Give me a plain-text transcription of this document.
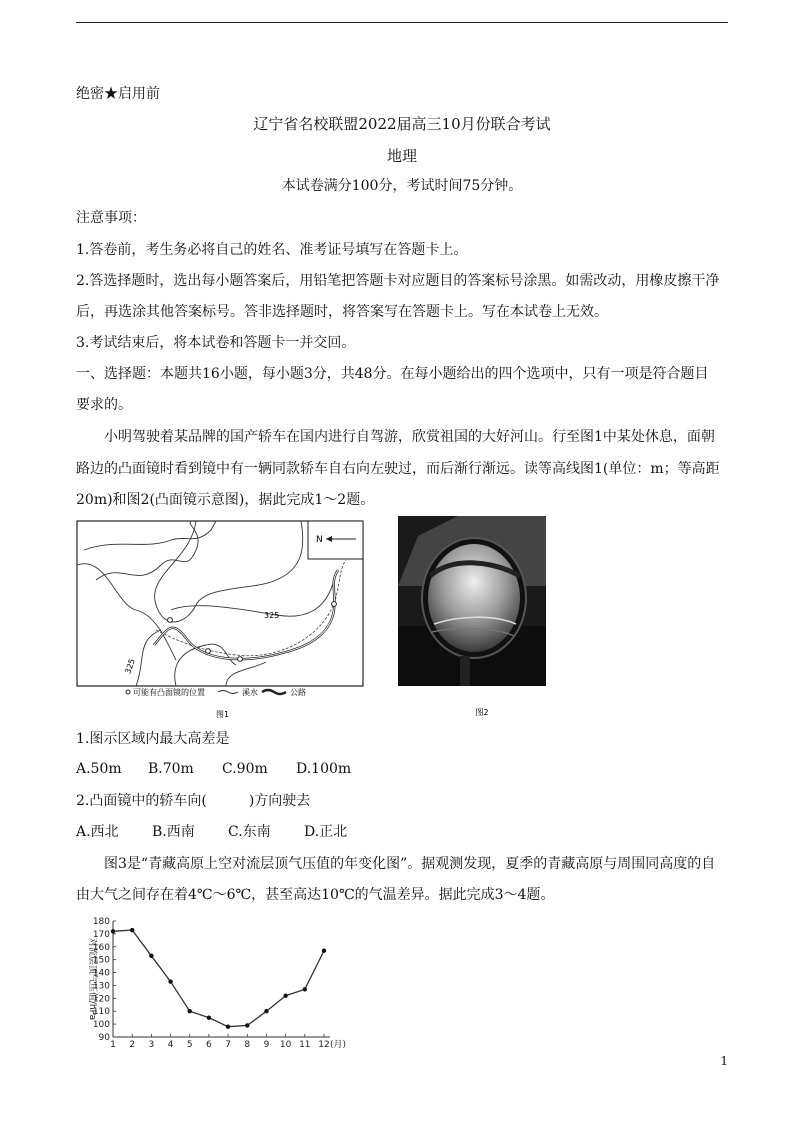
绝密★启用前
辽宁省名校联盟2022届高三10月份联合考试
地理
本试卷满分100分，考试时间75分钟。
注意事项：
1.答卷前，考生务必将自己的姓名、准考证号填写在答题卡上。
2.答选择题时，选出每小题答案后，用铅笔把答题卡对应题目的答案标号涂黑。如需改动，用橡皮擦干净
后，再选涂其他答案标号。答非选择题时，将答案写在答题卡上。写在本试卷上无效。
3.考试结束后，将本试卷和答题卡一并交回。
一、选择题：本题共16小题，每小题3分，共48分。在每小题给出的四个选项中，只有一项是符合题目
要求的。
小明驾驶着某品牌的国产轿车在国内进行自驾游，欣赏祖国的大好河山。行至图1中某处休息，面朝
路边的凸面镜时看到镜中有一辆同款轿车自右向左驶过，而后渐行渐远。读等高线图1(单位：m；等高距
20m)和图2(凸面镜示意图)，据此完成1～2题。
N
325
325
可能有凸面镜的位置	溪水	公路
图1	图2
1.图示区域内最大高差是
A.50m B.70m C.90m D.100m
2.凸面镜中的轿车向(　　　)方向驶去
A.西北 B.西南 C.东南 D.正北
图3是“青藏高原上空对流层顶气压值的年变化图”。据观测发现，夏季的青藏高原与周围同高度的自
由大气之间存在着4℃～6℃，甚至高达10℃的气温差异。据此完成3～4题。
90
100
110
120
130
140
150
160
170
180
1 2 3 4 5 6 7 8 9 10 11 12 (月)
对流层顶气压值/hPa
1
